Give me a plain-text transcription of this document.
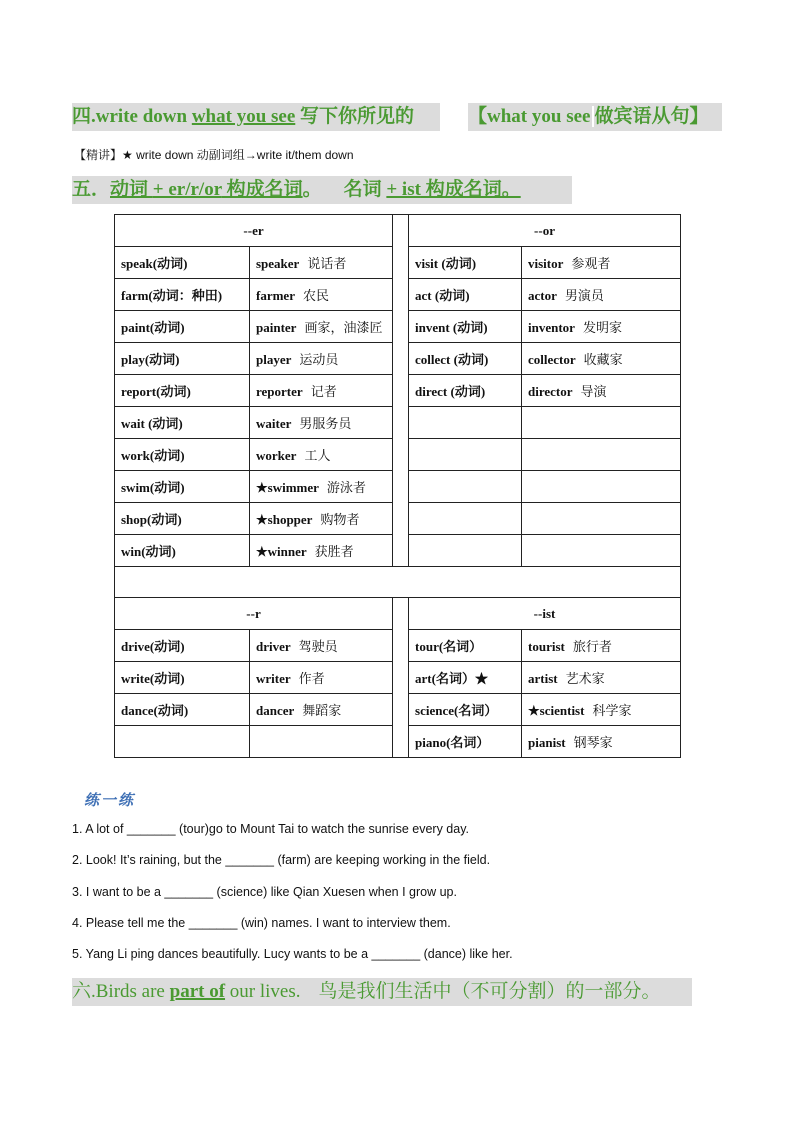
四.write down what you see 写下你所见的	【what you see 做宾语从句】
【精讲】★ write down 动副词组→write it/them down
五．动词 + er/r/or 构成名词。 名词 + ist 构成名词。
--er			--or	
speak(动词)	speaker 说话者		visit (动词)	visitor 参观者
farm(动词：种田)	farmer 农民		act (动词)	actor 男演员
paint(动词)	painter 画家，油漆匠		invent (动词)	inventor 发明家
play(动词)	player 运动员		collect (动词)	collector 收藏家
report(动词)	reporter 记者		direct (动词)	director 导演
wait (动词)	waiter 男服务员			
work(动词)	worker 工人			
swim(动词)	★swimmer 游泳者			
shop(动词)	★shopper 购物者			
win(动词)	★winner 获胜者			

--r			--ist	
drive(动词)	driver 驾驶员		tour(名词）	tourist 旅行者
write(动词)	writer 作者		art(名词）★	artist 艺术家
dance(动词)	dancer 舞蹈家		science(名词）	★scientist 科学家
			piano(名词）	pianist 钢琴家
练一练
1. A lot of _______ (tour)go to Mount Tai to watch the sunrise every day.
2. Look! It’s raining, but the _______ (farm) are keeping working in the field.
3. I want to be a _______ (science) like Qian Xuesen when I grow up.
4. Please tell me the _______ (win) names. I want to interview them.
5. Yang Li ping dances beautifully. Lucy wants to be a _______ (dance) like her.
六.Birds are part of our lives. 鸟是我们生活中（不可分割）的一部分。
